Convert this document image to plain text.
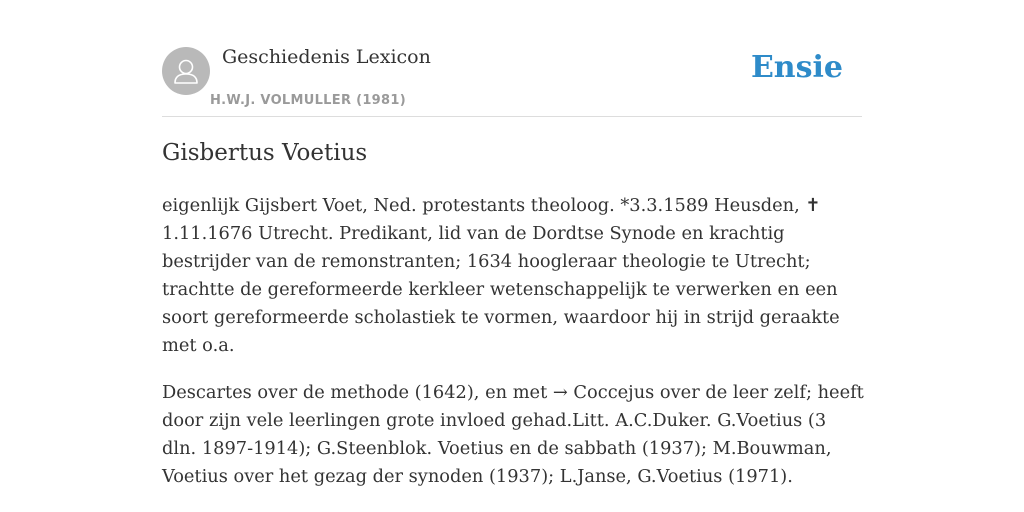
Geschiedenis Lexicon
H.W.J. VOLMULLER (1981)
Ensie
Gisbertus Voetius

eigenlijk Gijsbert Voet, Ned. protestants theoloog. *3.3.1589 Heusden, ✝ 1.11.1676 Utrecht. Predikant, lid van de Dordtse Synode en krachtig bestrijder van de remonstranten; 1634 hoogleraar theologie te Utrecht; trachtte de gereformeerde kerkleer wetenschappelijk te verwerken en een soort gereformeerde scholastiek te vormen, waardoor hij in strijd geraakte met o.a.

Descartes over de methode (1642), en met → Coccejus over de leer zelf; heeft door zijn vele leerlingen grote invloed gehad.Litt. A.C.Duker. G.Voetius (3 dln. 1897-1914); G.Steenblok. Voetius en de sabbath (1937); M.Bouwman, Voetius over het gezag der synoden (1937); L.Janse, G.Voetius (1971).
